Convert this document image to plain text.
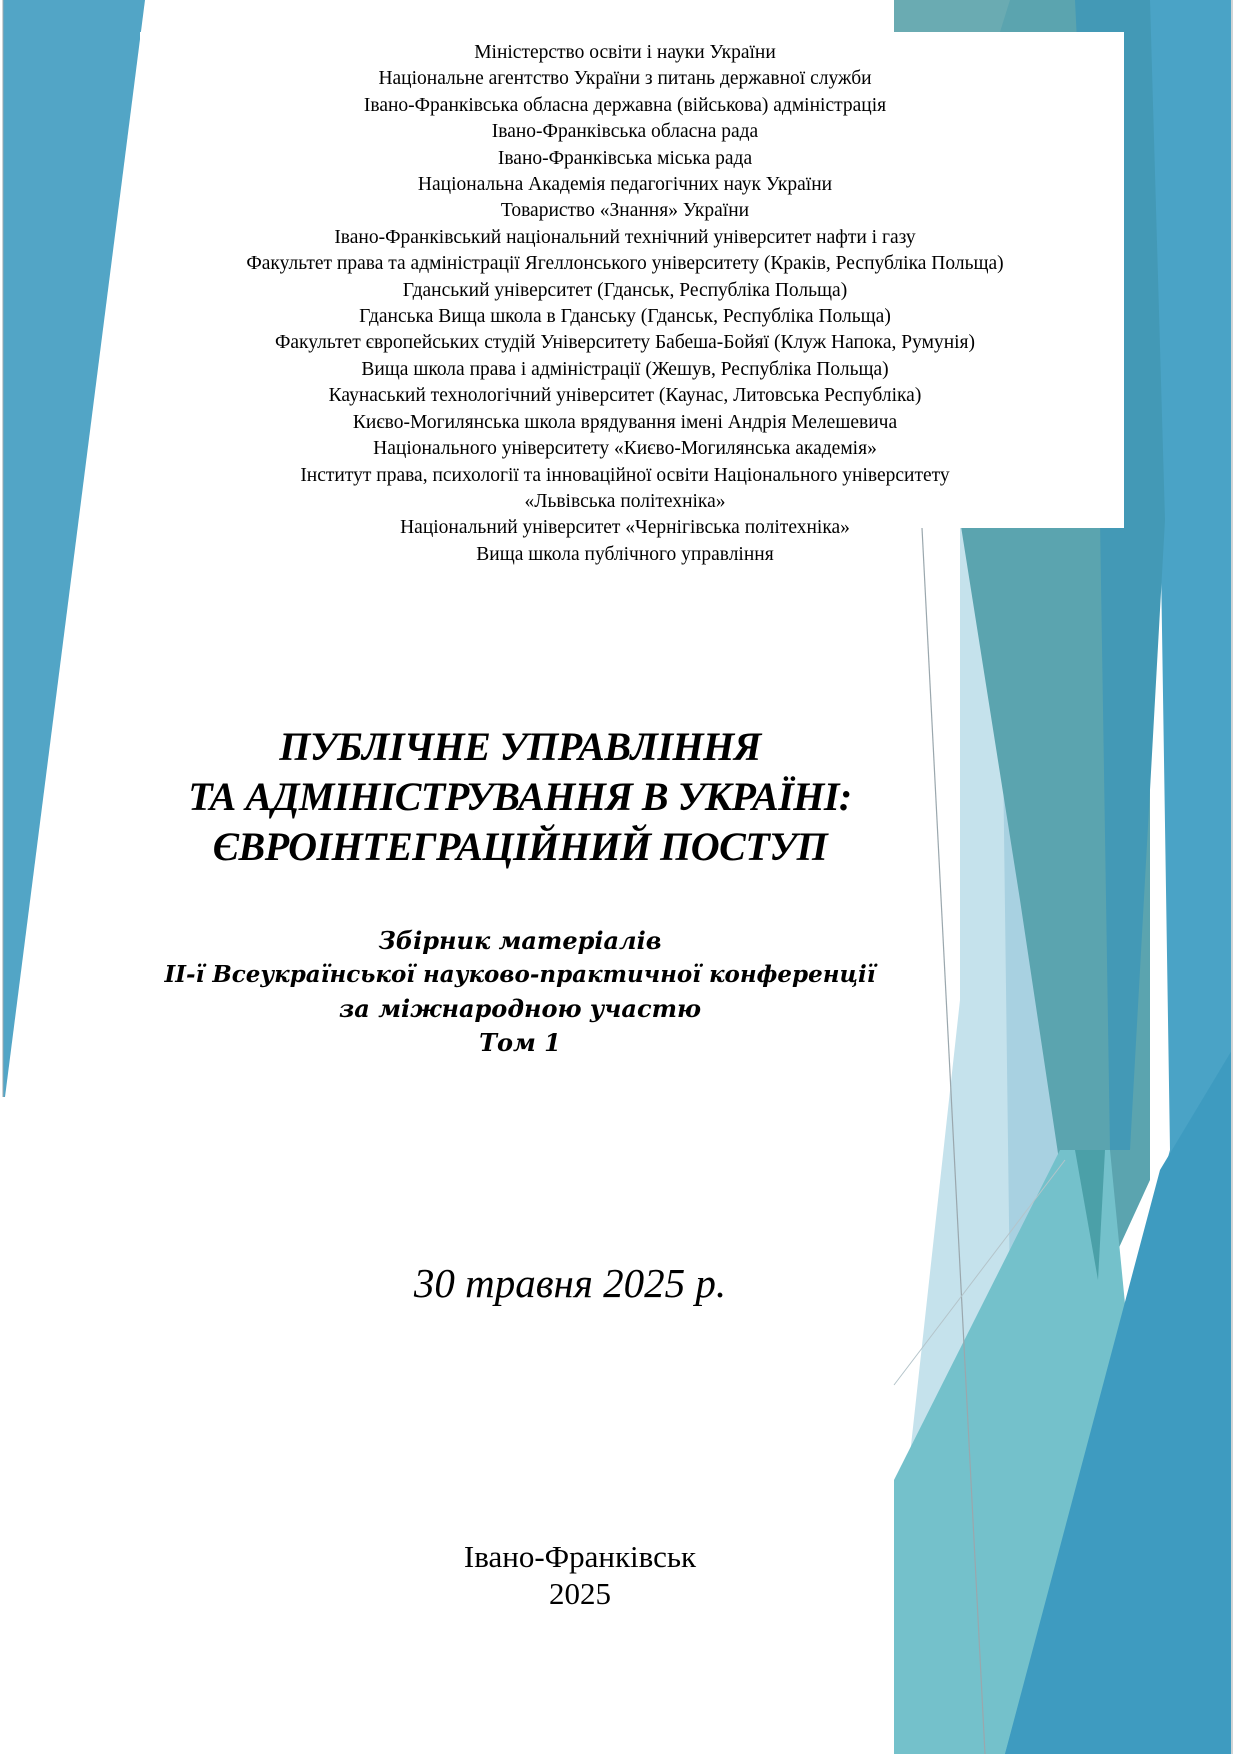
Міністерство освіти і науки України
Національне агентство України з питань державної служби
Івано-Франківська обласна державна (військова) адміністрація
Івано-Франківська обласна рада
Івано-Франківська міська рада
Національна Академія педагогічних наук України
Товариство «Знання» України
Івано-Франківський національний технічний університет нафти і газу
Факультет права та адміністрації Ягеллонського університету (Краків, Республіка Польща)
Гданський університет (Гданськ, Республіка Польща)
Гданська Вища школа в Гданську (Гданськ, Республіка Польща)
Факультет європейських студій Університету Бабеша-Бойяї (Клуж Напока, Румунія)
Вища школа права і адміністрації (Жешув, Республіка Польща)
Каунаський технологічний університет (Каунас, Литовська Республіка)
Києво-Могилянська школа врядування імені Андрія Мелешевича
Національного університету «Києво-Могилянська академія»
Інститут права, психології та інноваційної освіти Національного університету
«Львівська політехніка»
Національний університет «Чернігівська політехніка»
Вища школа публічного управління
ПУБЛІЧНЕ УПРАВЛІННЯ
ТА АДМІНІСТРУВАННЯ В УКРАЇНІ:
ЄВРОІНТЕГРАЦІЙНИЙ ПОСТУП
Збірник матеріалів
ІІ-ї Всеукраїнської науково-практичної конференції
за міжнародною участю
Том 1
30 травня 2025 р.
Івано-Франківськ
2025
